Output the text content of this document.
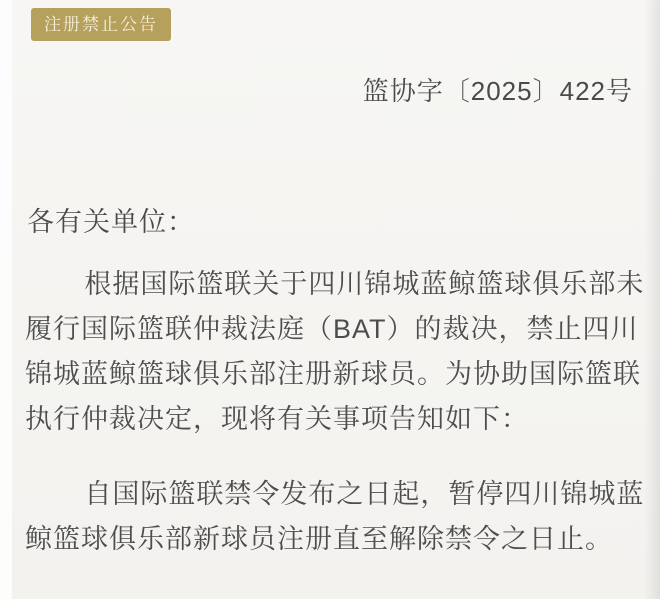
注册禁止公告
篮协字〔2025〕422号
各有关单位：
根据国际篮联关于四川锦城蓝鲸篮球俱乐部未
履行国际篮联仲裁法庭（BAT）的裁决，禁止四川
锦城蓝鲸篮球俱乐部注册新球员。为协助国际篮联
执行仲裁决定，现将有关事项告知如下：
自国际篮联禁令发布之日起，暂停四川锦城蓝
鲸篮球俱乐部新球员注册直至解除禁令之日止。
